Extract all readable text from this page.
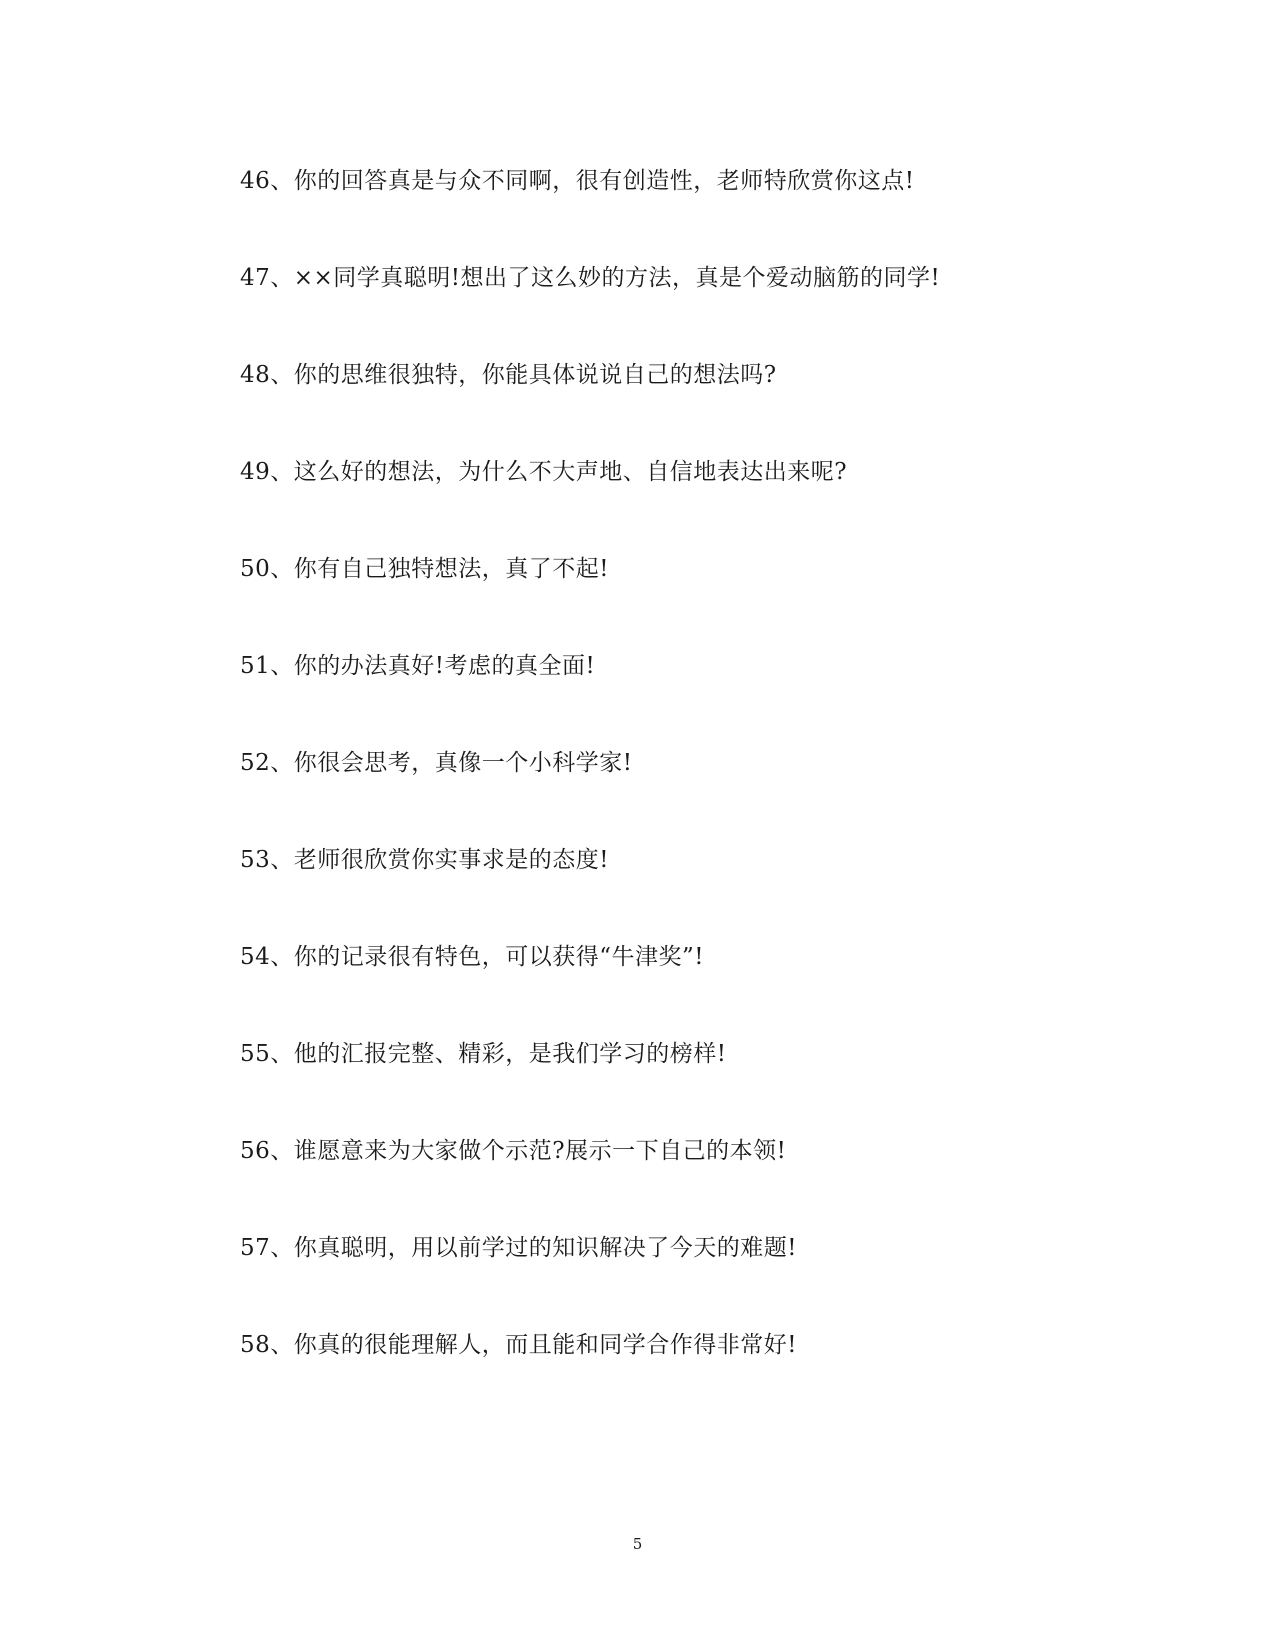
46、你的回答真是与众不同啊，很有创造性，老师特欣赏你这点!
47、××同学真聪明!想出了这么妙的方法，真是个爱动脑筋的同学!
48、你的思维很独特，你能具体说说自己的想法吗?
49、这么好的想法，为什么不大声地、自信地表达出来呢?
50、你有自己独特想法，真了不起!
51、你的办法真好!考虑的真全面!
52、你很会思考，真像一个小科学家!
53、老师很欣赏你实事求是的态度!
54、你的记录很有特色，可以获得“牛津奖”!
55、他的汇报完整、精彩，是我们学习的榜样!
56、谁愿意来为大家做个示范?展示一下自己的本领!
57、你真聪明，用以前学过的知识解决了今天的难题!
58、你真的很能理解人，而且能和同学合作得非常好!
5
